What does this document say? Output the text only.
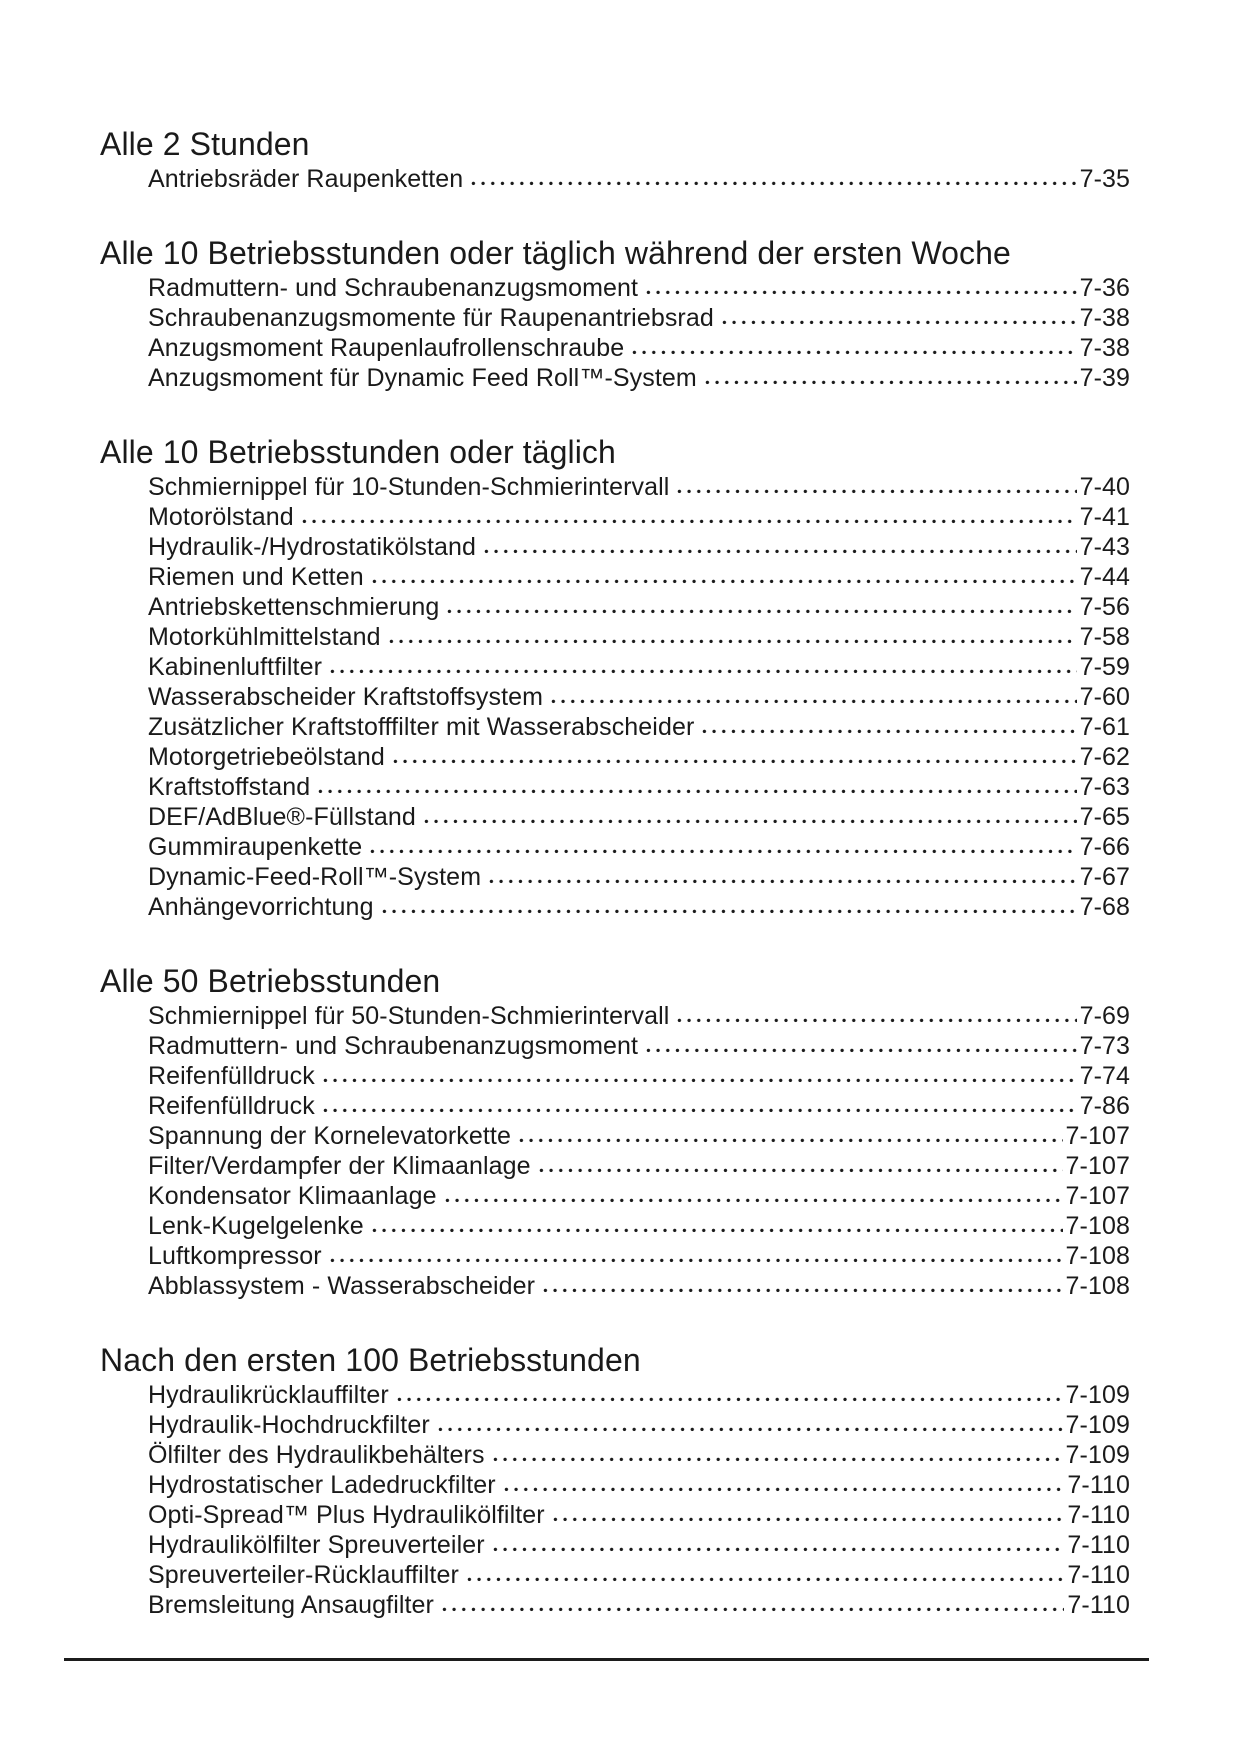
Alle 2 Stunden
Antriebsräder Raupenketten	7-35
Alle 10 Betriebsstunden oder täglich während der ersten Woche
Radmuttern- und Schraubenanzugsmoment	7-36
Schraubenanzugsmomente für Raupenantriebsrad	7-38
Anzugsmoment Raupenlaufrollenschraube	7-38
Anzugsmoment für Dynamic Feed Roll™-System	7-39
Alle 10 Betriebsstunden oder täglich
Schmiernippel für 10-Stunden-Schmierintervall	7-40
Motorölstand	7-41
Hydraulik-/Hydrostatikölstand	7-43
Riemen und Ketten	7-44
Antriebskettenschmierung	7-56
Motorkühlmittelstand	7-58
Kabinenluftfilter	7-59
Wasserabscheider Kraftstoffsystem	7-60
Zusätzlicher Kraftstofffilter mit Wasserabscheider	7-61
Motorgetriebeölstand	7-62
Kraftstoffstand	7-63
DEF/AdBlue®-Füllstand	7-65
Gummiraupenkette	7-66
Dynamic-Feed-Roll™-System	7-67
Anhängevorrichtung	7-68
Alle 50 Betriebsstunden
Schmiernippel für 50-Stunden-Schmierintervall	7-69
Radmuttern- und Schraubenanzugsmoment	7-73
Reifenfülldruck	7-74
Reifenfülldruck	7-86
Spannung der Kornelevatorkette	7-107
Filter/Verdampfer der Klimaanlage	7-107
Kondensator Klimaanlage	7-107
Lenk-Kugelgelenke	7-108
Luftkompressor	7-108
Abblassystem - Wasserabscheider	7-108
Nach den ersten 100 Betriebsstunden
Hydraulikrücklauffilter	7-109
Hydraulik-Hochdruckfilter	7-109
Ölfilter des Hydraulikbehälters	7-109
Hydrostatischer Ladedruckfilter	7-110
Opti-Spread™ Plus Hydraulikölfilter	7-110
Hydraulikölfilter Spreuverteiler	7-110
Spreuverteiler-Rücklauffilter	7-110
Bremsleitung Ansaugfilter	7-110
